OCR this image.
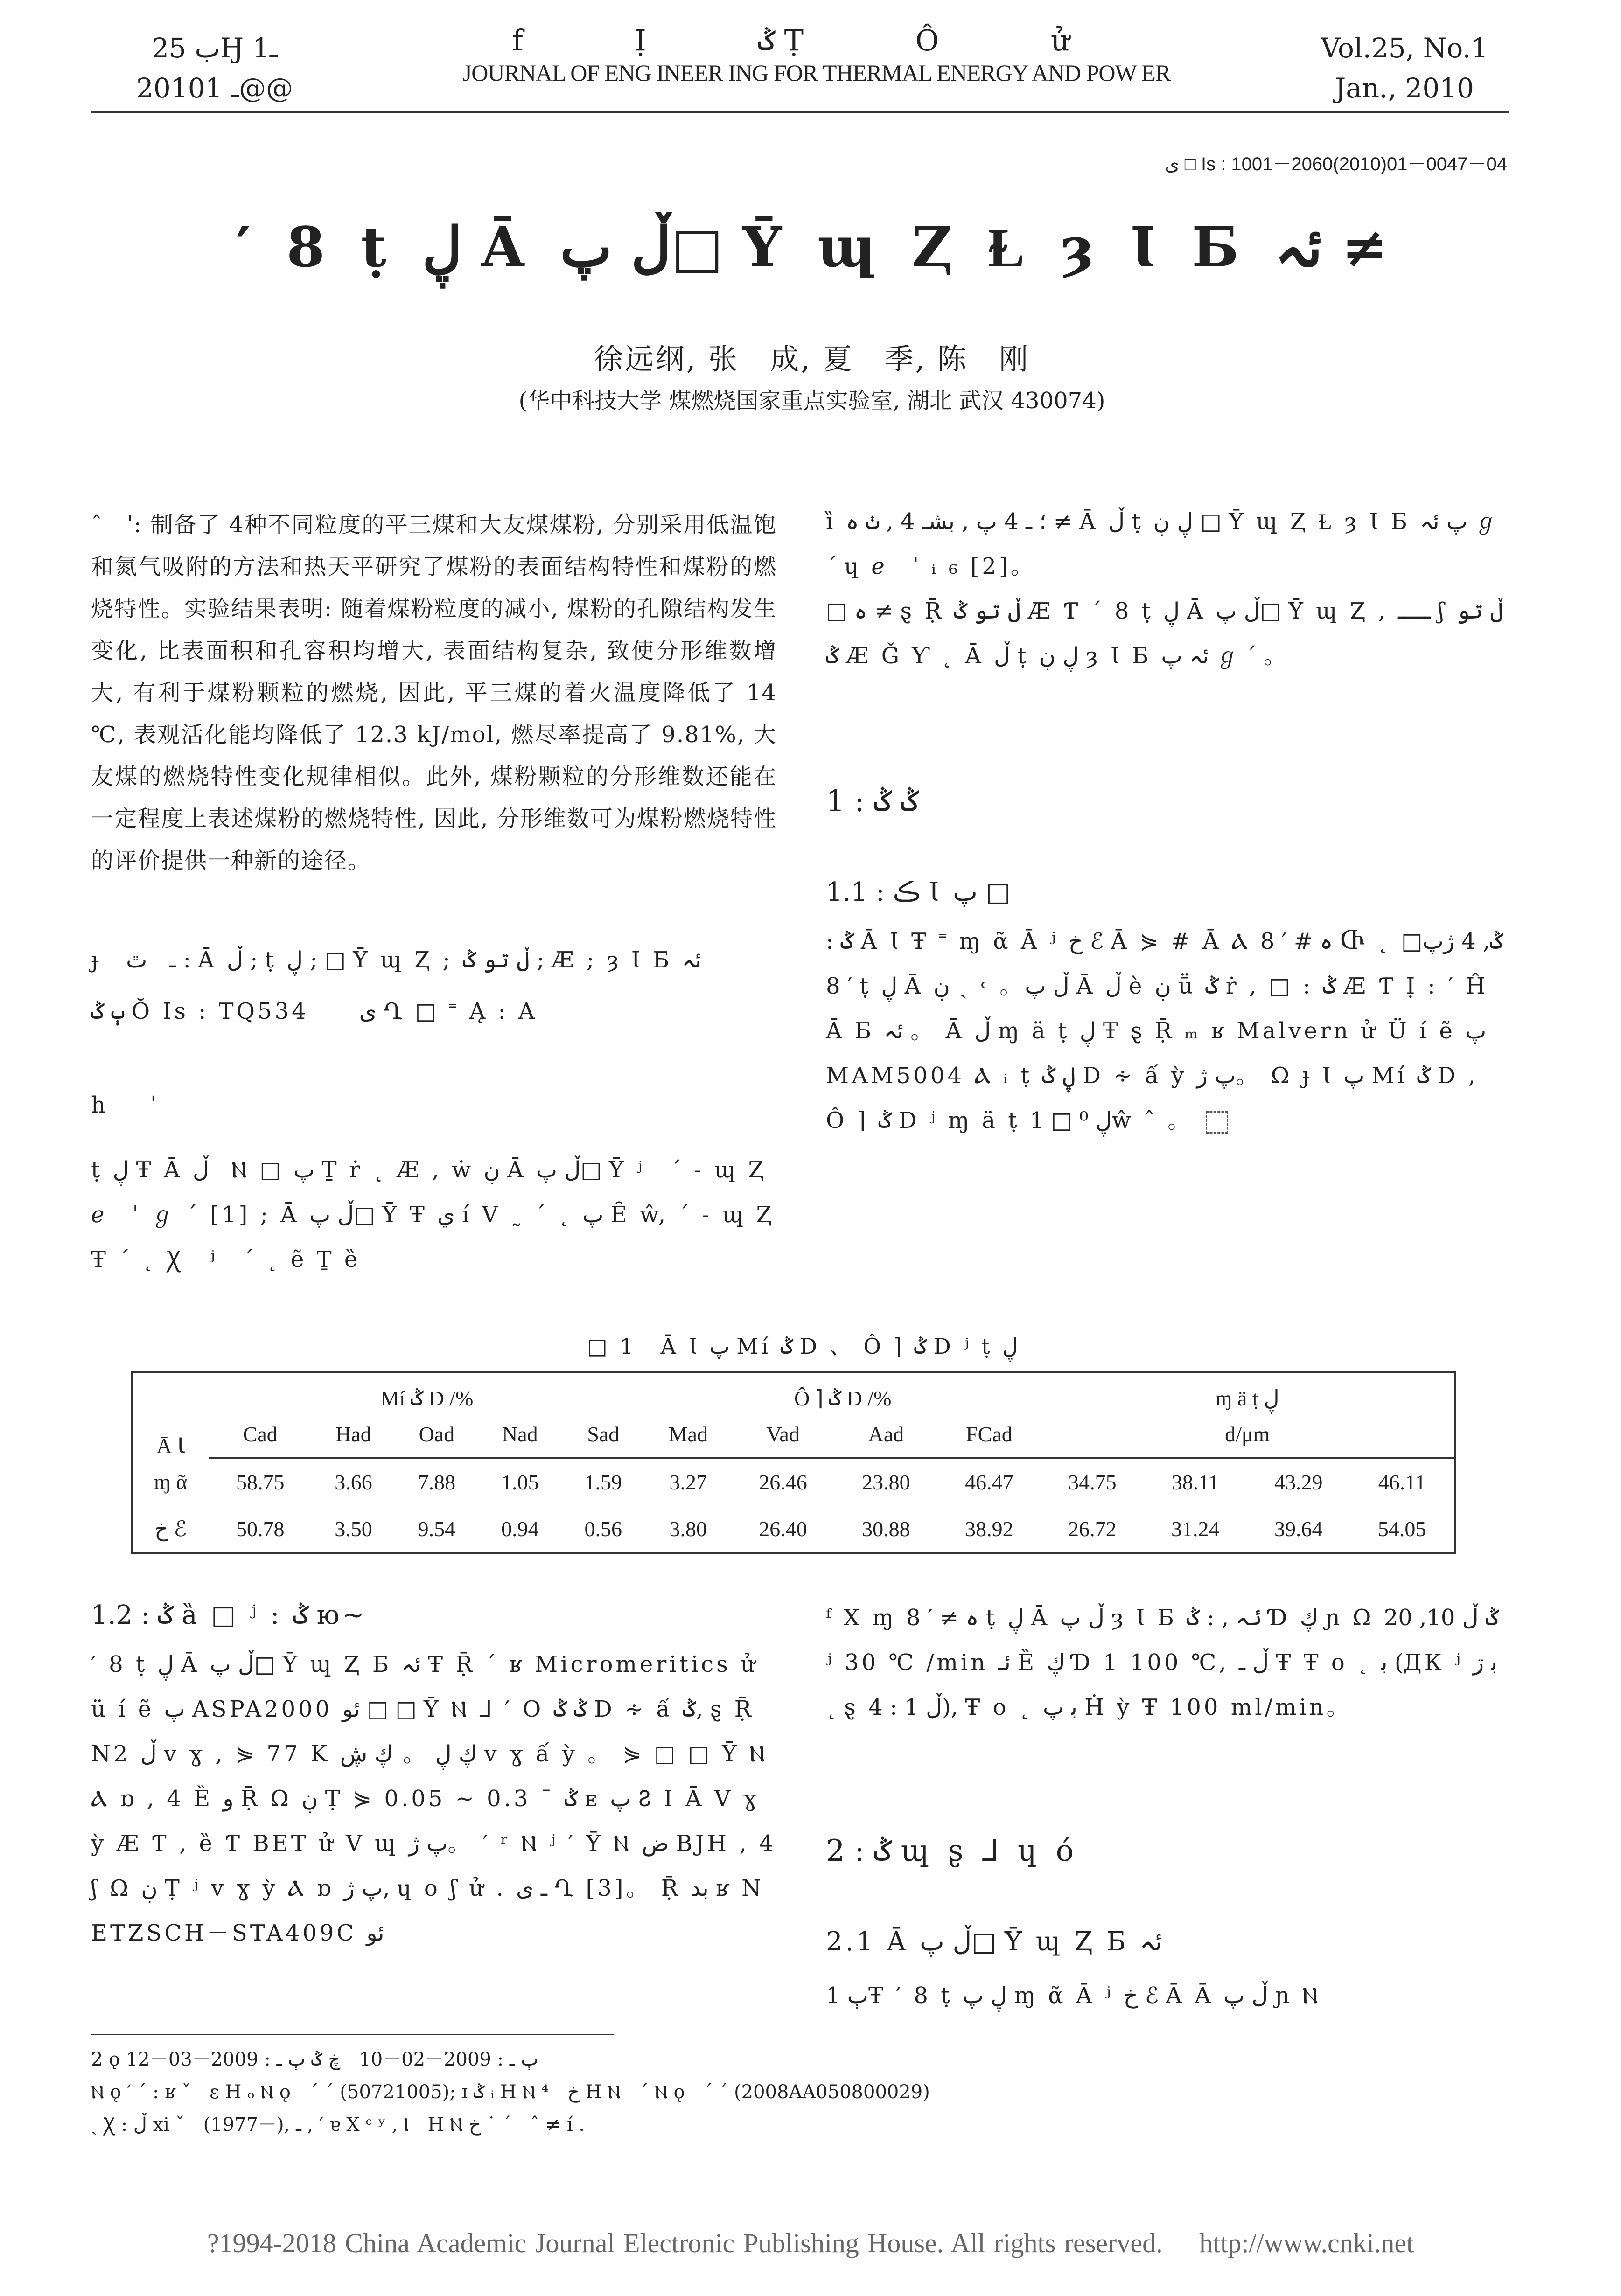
ب 25Ӈ ـ1
2010ـ 1@@
f Ị ݣ Ṭ Ô ử
JOURNAL OF ENG INEER ING FOR THERMAL ENERGY AND POW ER
Vol.25, No.1
Jan., 2010
ى □ Is : 1001－2060(2010)01－0047－04
′ 8 ṭ ڸ Ā ڵ پ□ Ῡ ɰ Ⱬ Ɫ ȝ Ꙇ Б ئہ ≠
徐远纲, 张　成, 夏　季, 陈　刚
(华中科技大学 煤燃烧国家重点实验室, 湖北 武汉 430074)
ˆ　ˈ: 制备了 4种不同粒度的平三煤和大友煤煤粉, 分别采用低温饱和氮气吸附的方法和热天平研究了煤粉的表面结构特性和煤粉的燃烧特性。实验结果表明: 随着煤粉粒度的减小, 煤粉的孔隙结构发生变化, 比表面积和孔容积均增大, 表面结构复杂, 致使分形维数增大, 有利于煤粉颗粒的燃烧, 因此, 平三煤的着火温度降低了 14 ℃, 表观活化能均降低了 12.3 kJ/mol, 燃尽率提高了 9.81%, 大友煤的燃烧特性变化规律相似。此外, 煤粉颗粒的分形维数还能在一定程度上表述煤粉的燃烧特性, 因此, 分形维数可为煤粉燃烧特性的评价提供一种新的途径。
ɟ　ـ　ٿ : Ā ڵ ; ṭ ڸ ; □ Ῡ ɰ Ⱬ ; ڵ تو ݣ ; Æ ; ȝ Ꙇ Б ئہ
ٻ ݣ Ŏ Is : TQ534　　ى Ղ □ ˭ Ą : A
h　　ˈ
ṭ ڸ Ŧ Ā ڵ　Ⲛ □ پ Ṯ ṙ ˛ Æ , ẇ ڹ Ā ڵ پ□ Ῡ ʲ　ˊ ˗ ɰ Ⱬ ℯ　ˈ ℊ ˊ [1] ; Ā ڵ پ□ Ῡ Ŧ ي í Ⅴ ˷ ˊ ˛ پ Ȇ ŵ, ˊ ˗ ɰ Ⱬ Ŧ ˊ ˛ Ꭓ　ʲ　ˊ ˛ ẽ Ṯ ȅ
ȉ ؛ ـ 4 پ , بشـ 4 , ٺ ہ ≠ Ā ڵ ṭ ڸ ڹ □ Ῡ ɰ Ⱬ Ɫ ȝ Ꙇ Б پ ئہ ℊ ˊ ɥ ℯ　ˈ ᵢ ₆ [2]。
□ ہ ≠ ȿ Ṝ ڵ تو ݣ Æ Ƭ ˊ 8 ṭ ڸ Ā ڵ پ□ Ῡ ɰ Ⱬ , ـــــ ʃ ڵ تو ݣ Æ Ǧ Ƴ ˛ Ā ڵ ṭ ڸ ڹ ȝ Ꙇ Б ئہ پ ℊ ˊ 。
1 : ݣ ݣ
1.1 : ڪ Ꙇ پ □
: ݣ Ā Ꙇ Ŧ ˭ ɱ ᾶ Ā ʲ خ ℰ Ā ⋟ # Ā Ⲁ ہ # ′ 8 Ⴇ ˛ ݣ, 4 ژپ□ ′ 8 ṭ ڸ Ā ڵ پ。 ˓ ˏ ڹ Ā ڵ è ڹ ṻ ݣ ṙ , □ : ݣ Æ Ƭ Ị : ′ Ĥ Ā Б ئہ 。 Ā ڵ ɱ ä ṭ ڸ Ŧ ȿ Ṝ ₘ ʁ Malvern ử Ü í ẽ پ MAM5004 Ⲁ ᵢ ṭ ڸ ݣ D ∻ ấ ỳ پ ژ。 Ω ɟ Ꙇ پ Mí ݣ D , Ô ⌉ ݣ D ʲ ɱ ä ṭ ڸ ⁰ □ 1ŵ ˆ 。
□ 1　Ā Ꙇ پ Mí ݣ D 、 Ô ⌉ ݣ D ʲ ṭ ڸ
Ā Ꙇ	Mí ݣ D /%					Ô ⌉ ݣ D /%				ɱ ä ṭ ڸ			
	Cad	Had	Oad	Nad	Sad	Mad	Vad	Aad	FCad	d/μm			
ɱ ᾶ	58.75	3.66	7.88	1.05	1.59	3.27	26.46	23.80	46.47	34.75	38.11	43.29	46.11
خ ℰ	50.78	3.50	9.54	0.94	0.56	3.80	26.40	30.88	38.92	26.72	31.24	39.64	54.05
1.2 : ݣ ȁ □ ʲ : ݣ ю~
′ 8 ṭ ڸ Ā ڵ پ□ Ῡ ɰ Ⱬ Б ئہ Ŧ Ṝ ˊ ʁ Micromeritics ử ü í ẽ پ ASPA2000 ئو □ □ Ῡ Ⲛ ⅃ ′ O ݣ ݣ D ∻ ấ ݣ, ȿ Ṝ N2 ڵ v ɣ , ⋟ 77 K ڮ ڸ 。 ڮ ڜ v ɣ ấ ỳ 。 ⋟ □ □ Ῡ Ⲛ Ⲁ ɒ , 4 Ȅ و Ṝ Ω ڹ Ṭ ⋟ 0.05 ~ 0.3 ˉ ݣ ᴇ پ Ⴧ Ⅰ Ā V ɣ ỳ Æ Ƭ , ȅ Ƭ BET ử Ⅴ ɰ پ ژ。 ′ ʳ Ⲛ ʲ ′ Ῡ Ⲛ ض BJH , 4 ʃ Ω ڹ Ṭ ʲ v ɣ ỳ Ⲁ ɒ پ ژ, ɥ ο ʃ ử . ـ ى Ղ [3]。 Ṝ بد ʁ NETZSCH－STA409C ئو
ᶠ X ɱ ہ ≠ ′ 8 ṭ ڸ Ā ڵ پ ȝ Ꙇ Б ئہ , : ݣ Ɗ ڮ ɲ Ω ݣ ڵ 10, 20ʲ 30 ℃ /min ئـ Ȅ ڮ Ɗ 1 100 ℃, ڵ ـ Ŧ Ŧ ο ˛ ﺑ (ДК ʲ ﺑ ڗ ˛ ȿ ڵ 1 : 4), Ŧ ο ˛ ﺑ پ Ḣ ỳ Ŧ 100 ml/min。
2 : ݣ ɰ ʂ ⅃ ɥ ó
2.1 Ā ڵ پ□ Ῡ ɰ Ⱬ Б ئہ
ٻ 1Ŧ ′ 8 ṭ ڸ پ ɱ ᾶ Ā ʲ خ ℰ Ā Ā ڵ پ ɲ Ⲛ
2 ǫ ٻ ـ : 2009－02－10　ڿ ݣ ٻ ـ : 2009－03－12
Ⲛ ǫ ′ ˊ : ʁ ˇ　ɛ H ₒ Ⲛ ǫ　ˊ ˊ (50721005); ɪ ݣ ᵢ H Ⲛ ⁴　خ H Ⲛ　ˊ Ⲛ ǫ　ˊ ˊ (2008AA050800029)
ˏ Ꭓ : ڵ xi ˇ　(1977－), ـ , ′ ɐ X ᶜ ʸ , Ⲓ　H Ⲛ خ ˙ ˊ　ˆ ≠ í .
?1994-2018 China Academic Journal Electronic Publishing House. All rights reserved. http://www.cnki.net
